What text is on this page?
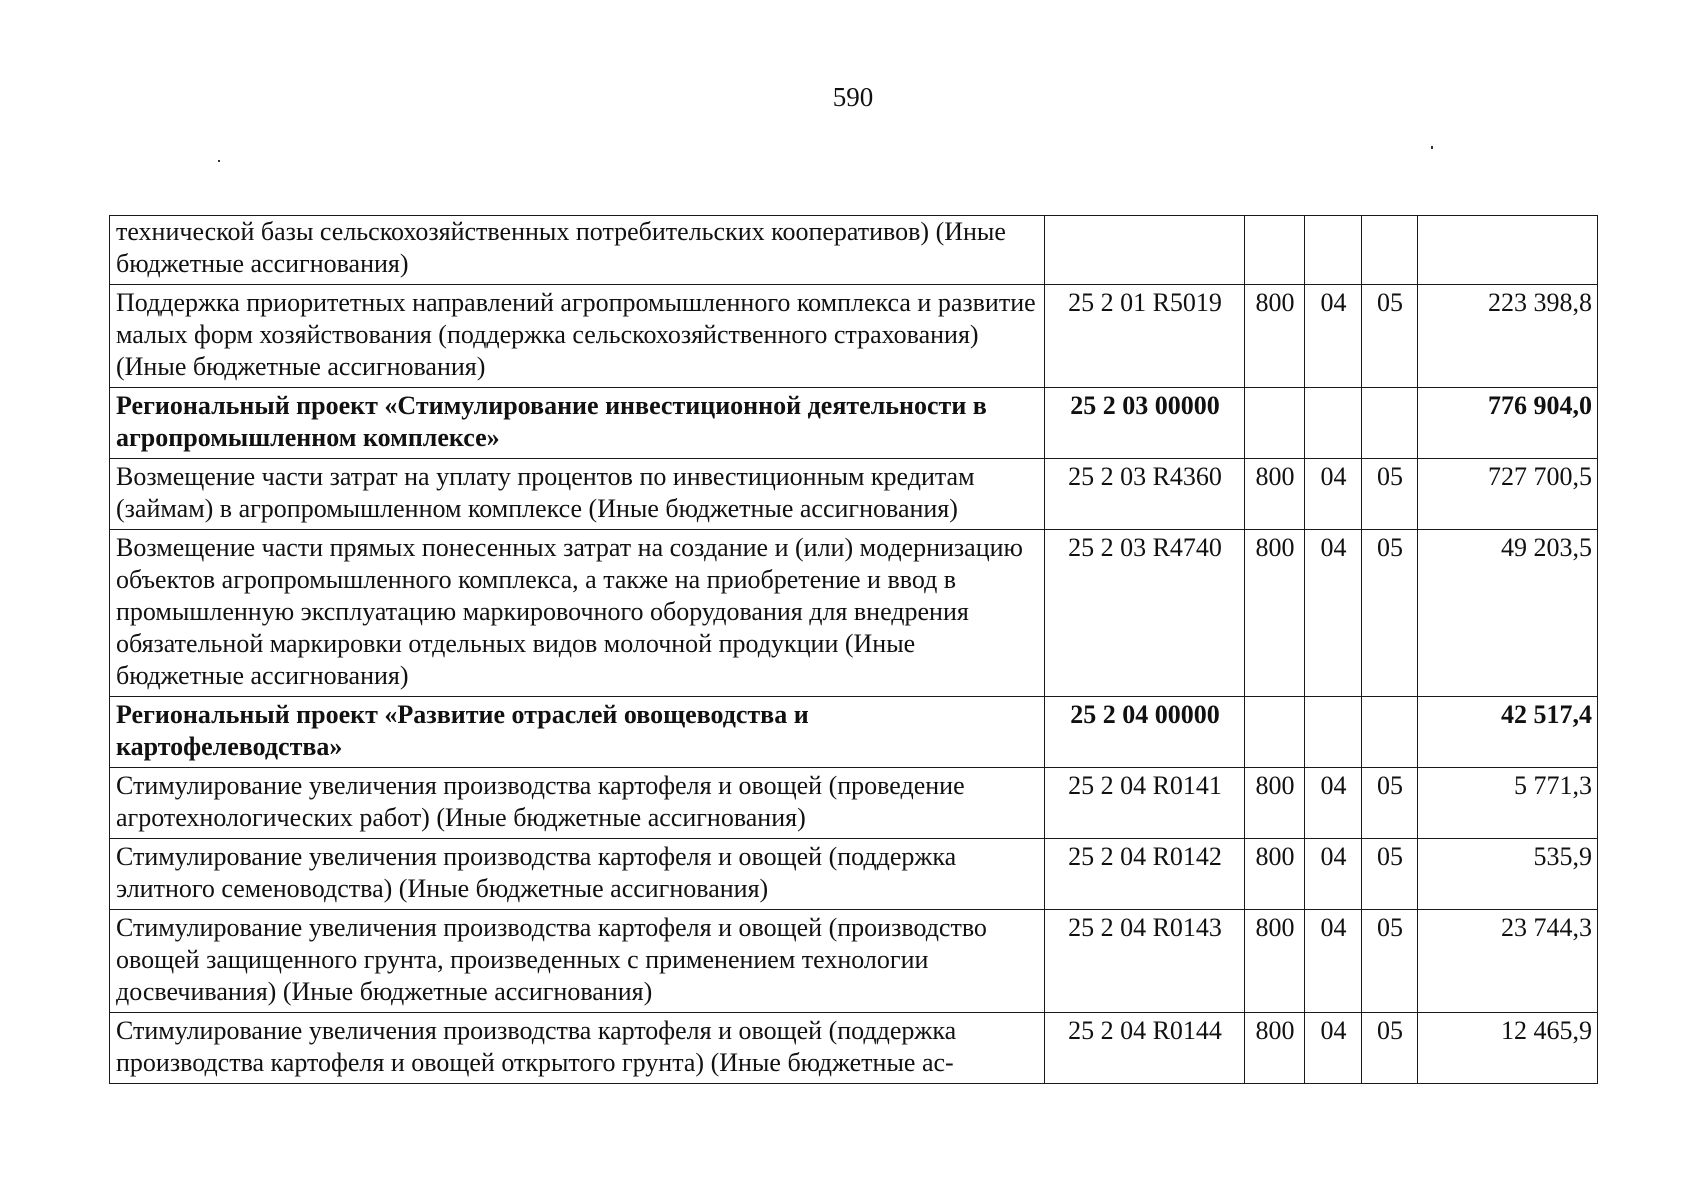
590
технической базы сельскохозяйственных потребительских кооперативов) (Иные бюджетные ассигнования)					
Поддержка приоритетных направлений агропромышленного комплекса и развитие малых форм хозяйствования (поддержка сельскохозяйственного страхования) (Иные бюджетные ассигнования)	25 2 01 R5019	800	04	05	223 398,8
Региональный проект «Стимулирование инвестиционной деятельности в агропромышленном комплексе»	25 2 03 00000				776 904,0
Возмещение части затрат на уплату процентов по инвестиционным кредитам (займам) в агропромышленном комплексе (Иные бюджетные ассигнования)	25 2 03 R4360	800	04	05	727 700,5
Возмещение части прямых понесенных затрат на создание и (или) модернизацию объектов агропромышленного комплекса, а также на приобретение и ввод в промышленную эксплуатацию маркировочного оборудования для внедрения обязательной маркировки отдельных видов молочной продукции (Иные бюджетные ассигнования)	25 2 03 R4740	800	04	05	49 203,5
Региональный проект «Развитие отраслей овощеводства и картофелеводства»	25 2 04 00000				42 517,4
Стимулирование увеличения производства картофеля и овощей (проведение агротехнологических работ) (Иные бюджетные ассигнования)	25 2 04 R0141	800	04	05	5 771,3
Стимулирование увеличения производства картофеля и овощей (поддержка элитного семеноводства) (Иные бюджетные ассигнования)	25 2 04 R0142	800	04	05	535,9
Стимулирование увеличения производства картофеля и овощей (производство овощей защищенного грунта, произведенных с применением технологии досвечивания) (Иные бюджетные ассигнования)	25 2 04 R0143	800	04	05	23 744,3
Стимулирование увеличения производства картофеля и овощей (поддержка производства картофеля и овощей открытого грунта) (Иные бюджетные ас-	25 2 04 R0144	800	04	05	12 465,9
